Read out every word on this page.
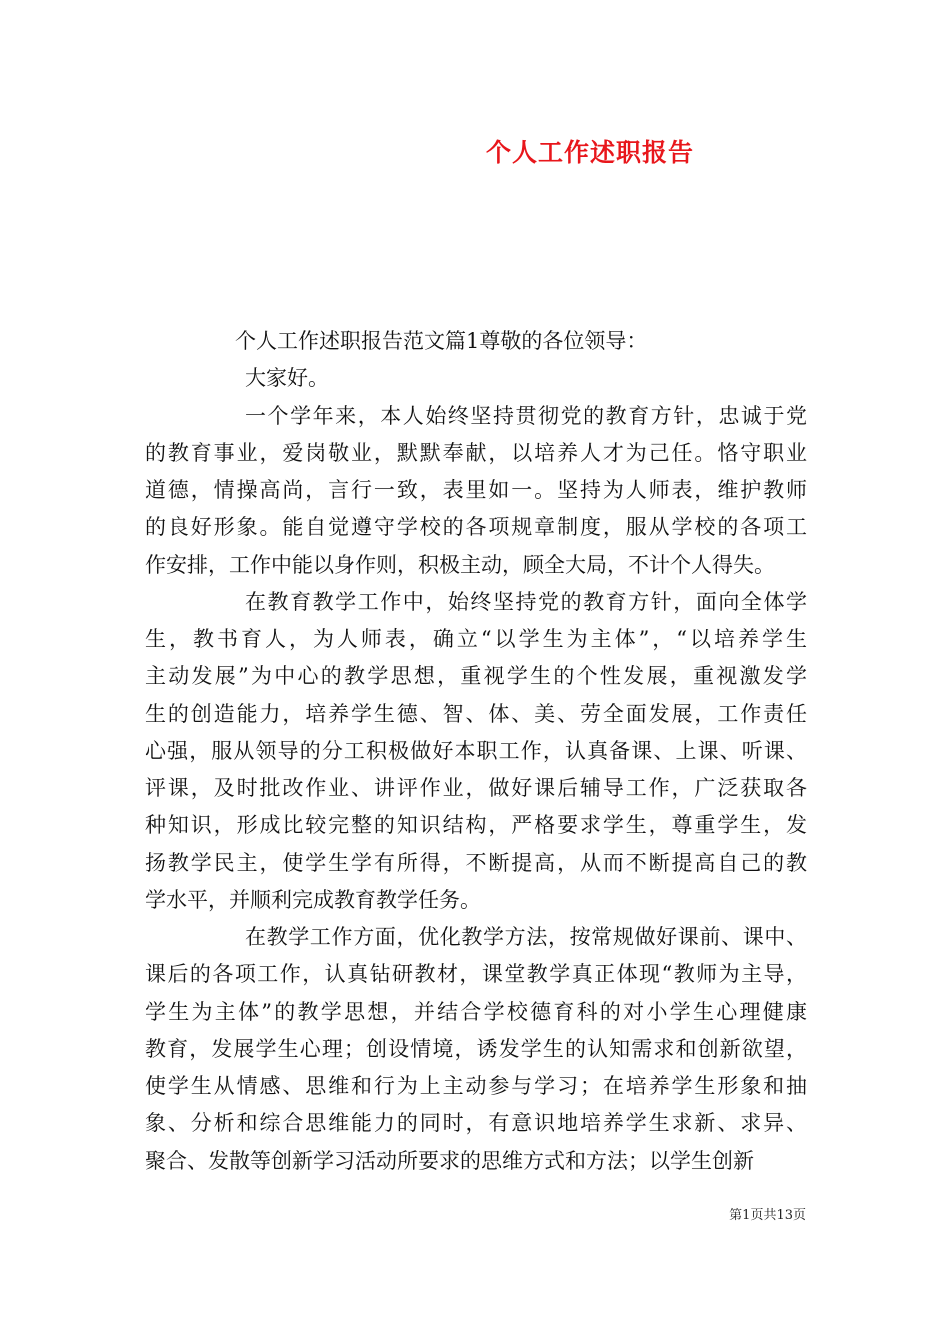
个人工作述职报告
个人工作述职报告范文篇1尊敬的各位领导：
大家好。
一个学年来，本人始终坚持贯彻党的教育方针，忠诚于党
的教育事业，爱岗敬业，默默奉献，以培养人才为己任。恪守职业
道德，情操高尚，言行一致，表里如一。坚持为人师表，维护教师
的良好形象。能自觉遵守学校的各项规章制度，服从学校的各项工
作安排，工作中能以身作则，积极主动，顾全大局，不计个人得失。
在教育教学工作中，始终坚持党的教育方针，面向全体学
生，教书育人，为人师表，确立“以学生为主体”，“以培养学生
主动发展”为中心的教学思想，重视学生的个性发展，重视激发学
生的创造能力，培养学生德、智、体、美、劳全面发展，工作责任
心强，服从领导的分工积极做好本职工作，认真备课、上课、听课、
评课，及时批改作业、讲评作业，做好课后辅导工作，广泛获取各
种知识，形成比较完整的知识结构，严格要求学生，尊重学生，发
扬教学民主，使学生学有所得，不断提高，从而不断提高自己的教
学水平，并顺利完成教育教学任务。
在教学工作方面，优化教学方法，按常规做好课前、课中、
课后的各项工作，认真钻研教材，课堂教学真正体现“教师为主导，
学生为主体”的教学思想，并结合学校德育科的对小学生心理健康
教育，发展学生心理；创设情境，诱发学生的认知需求和创新欲望，
使学生从情感、思维和行为上主动参与学习；在培养学生形象和抽
象、分析和综合思维能力的同时，有意识地培养学生求新、求异、
聚合、发散等创新学习活动所要求的思维方式和方法；以学生创新
第1页共13页
